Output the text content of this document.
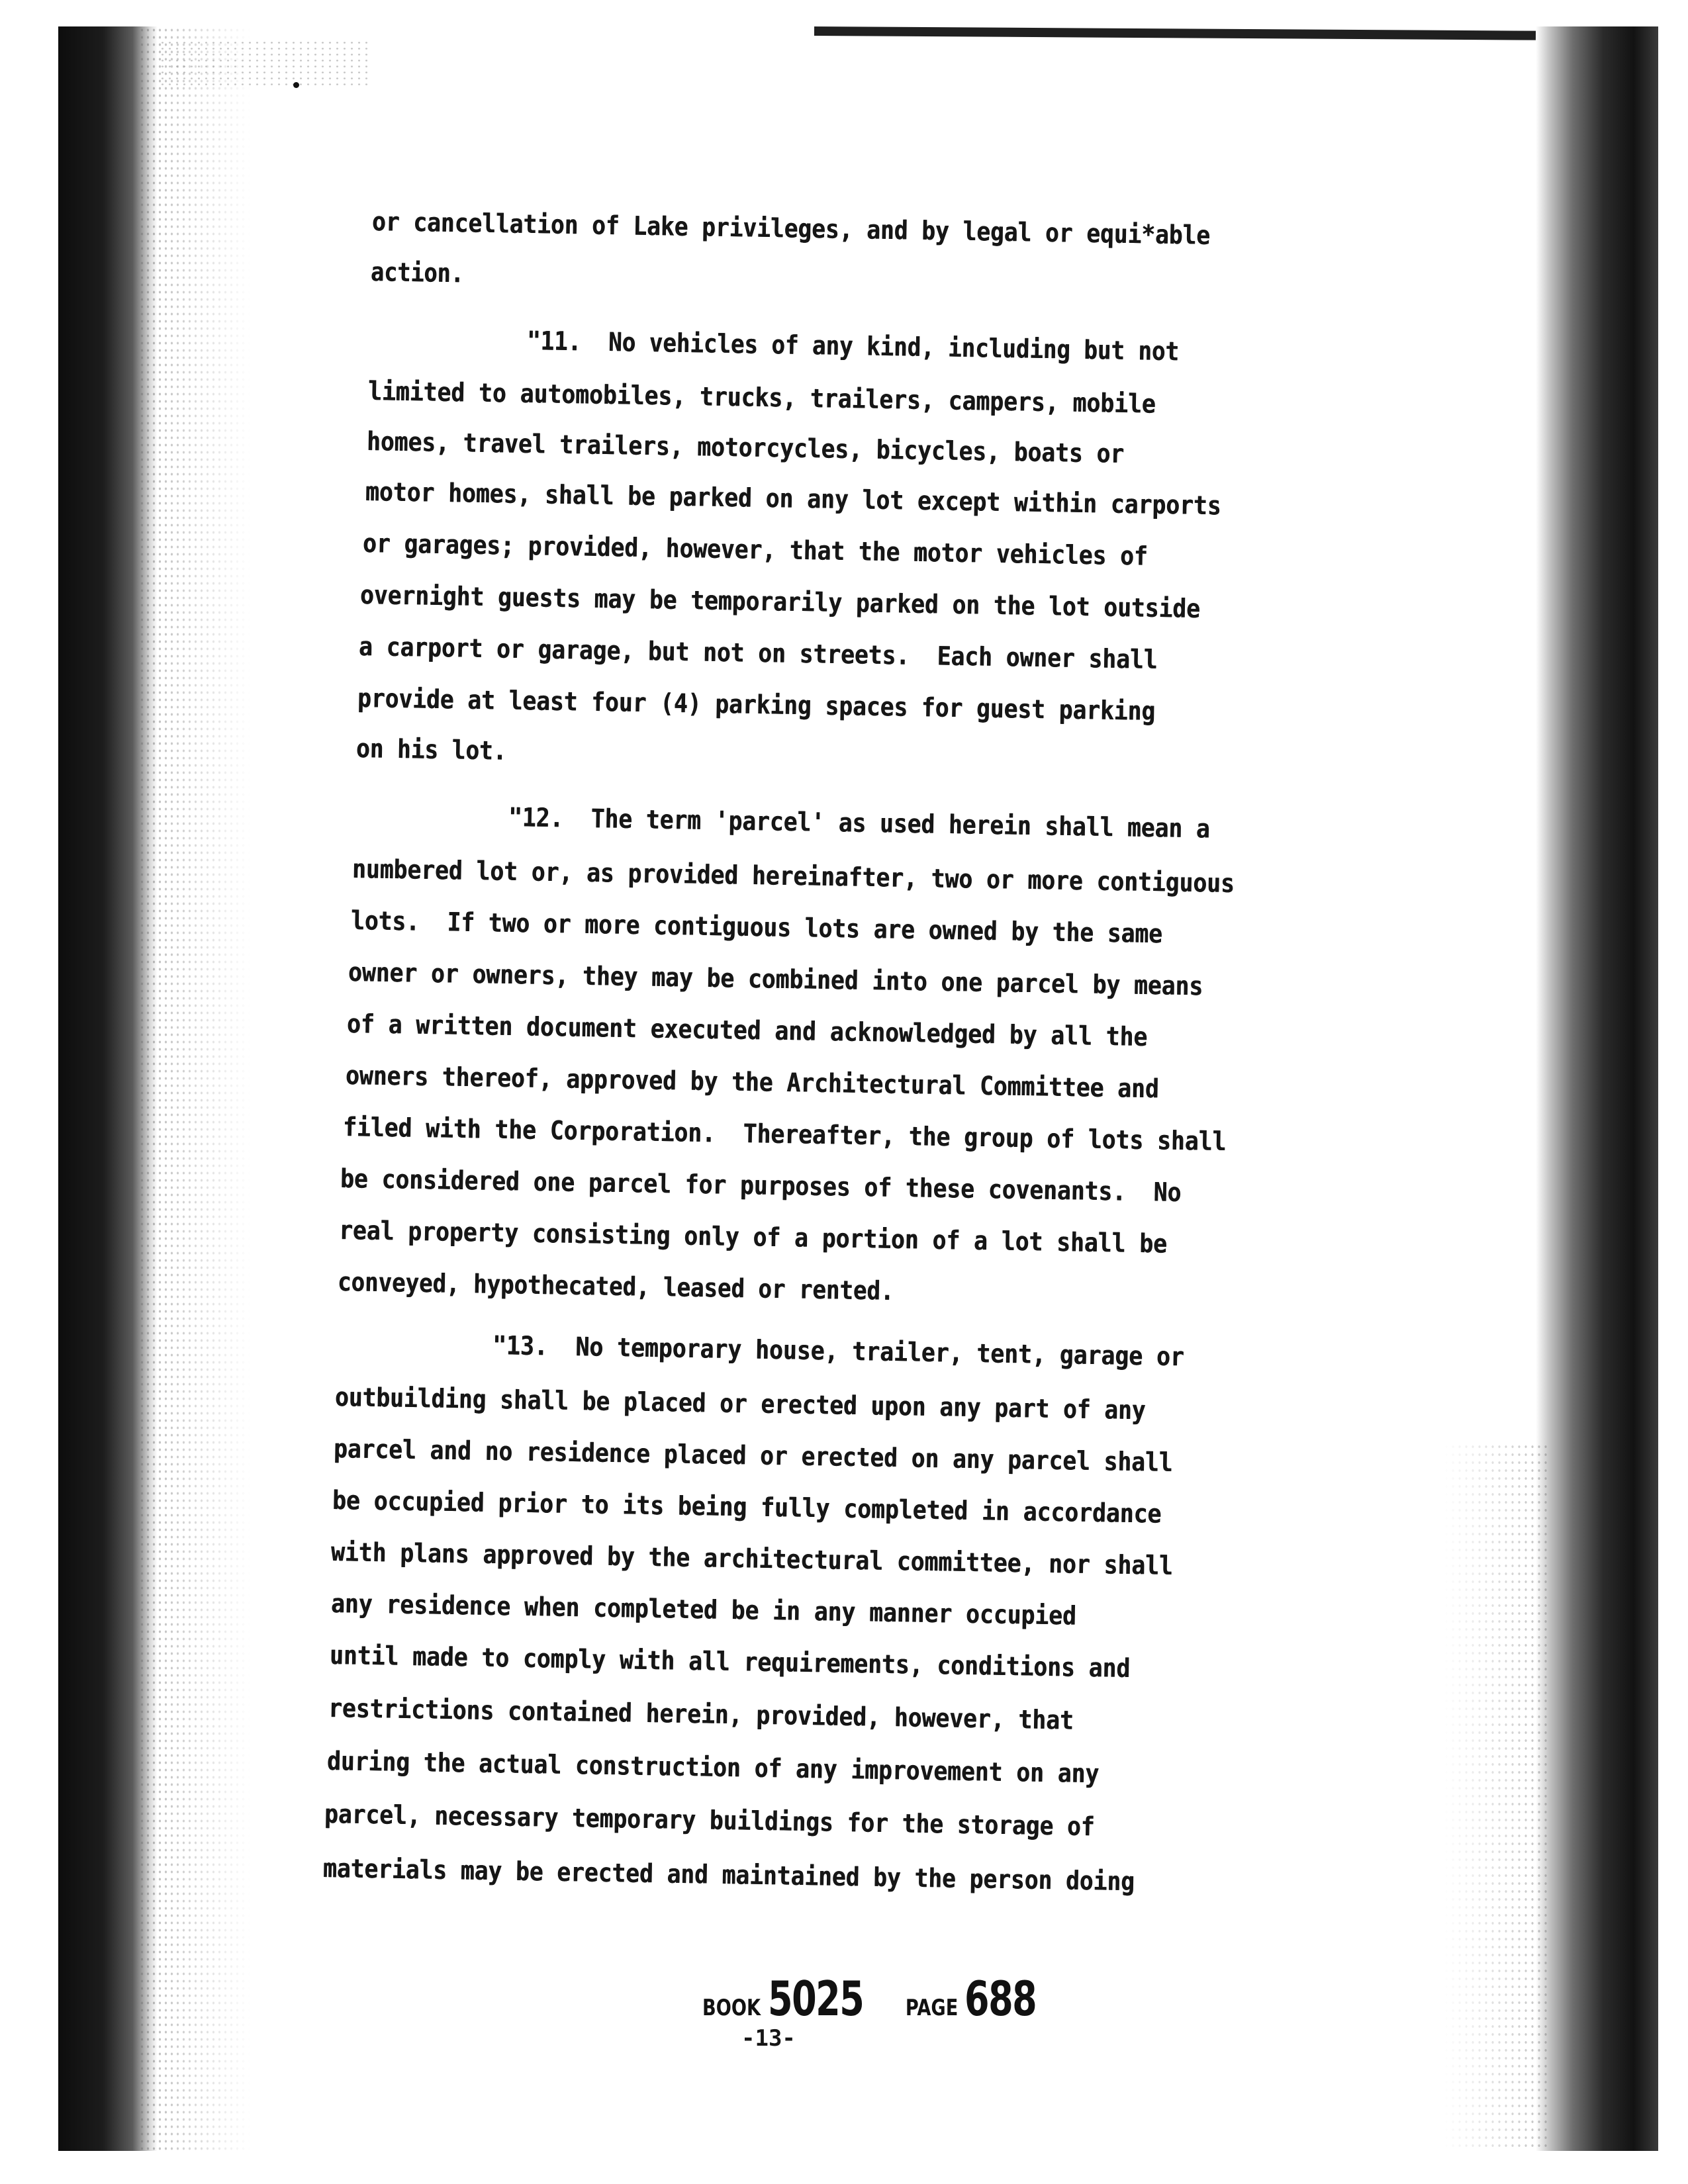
or cancellation of Lake privileges, and by legal or equi*able
action.
"11.  No vehicles of any kind, including but not
limited to automobiles, trucks, trailers, campers, mobile
homes, travel trailers, motorcycles, bicycles, boats or
motor homes, shall be parked on any lot except within carports
or garages; provided, however, that the motor vehicles of
overnight guests may be temporarily parked on the lot outside
a carport or garage, but not on streets.  Each owner shall
provide at least four (4) parking spaces for guest parking
on his lot.
"12.  The term 'parcel' as used herein shall mean a
numbered lot or, as provided hereinafter, two or more contiguous
lots.  If two or more contiguous lots are owned by the same
owner or owners, they may be combined into one parcel by means
of a written document executed and acknowledged by all the
owners thereof, approved by the Architectural Committee and
filed with the Corporation.  Thereafter, the group of lots shall
be considered one parcel for purposes of these covenants.  No
real property consisting only of a portion of a lot shall be
conveyed, hypothecated, leased or rented.
"13.  No temporary house, trailer, tent, garage or
outbuilding shall be placed or erected upon any part of any
parcel and no residence placed or erected on any parcel shall
be occupied prior to its being fully completed in accordance
with plans approved by the architectural committee, nor shall
any residence when completed be in any manner occupied
until made to comply with all requirements, conditions and
restrictions contained herein, provided, however, that
during the actual construction of any improvement on any
parcel, necessary temporary buildings for the storage of
materials may be erected and maintained by the person doing
BOOK 5025 PAGE 688
-13-
